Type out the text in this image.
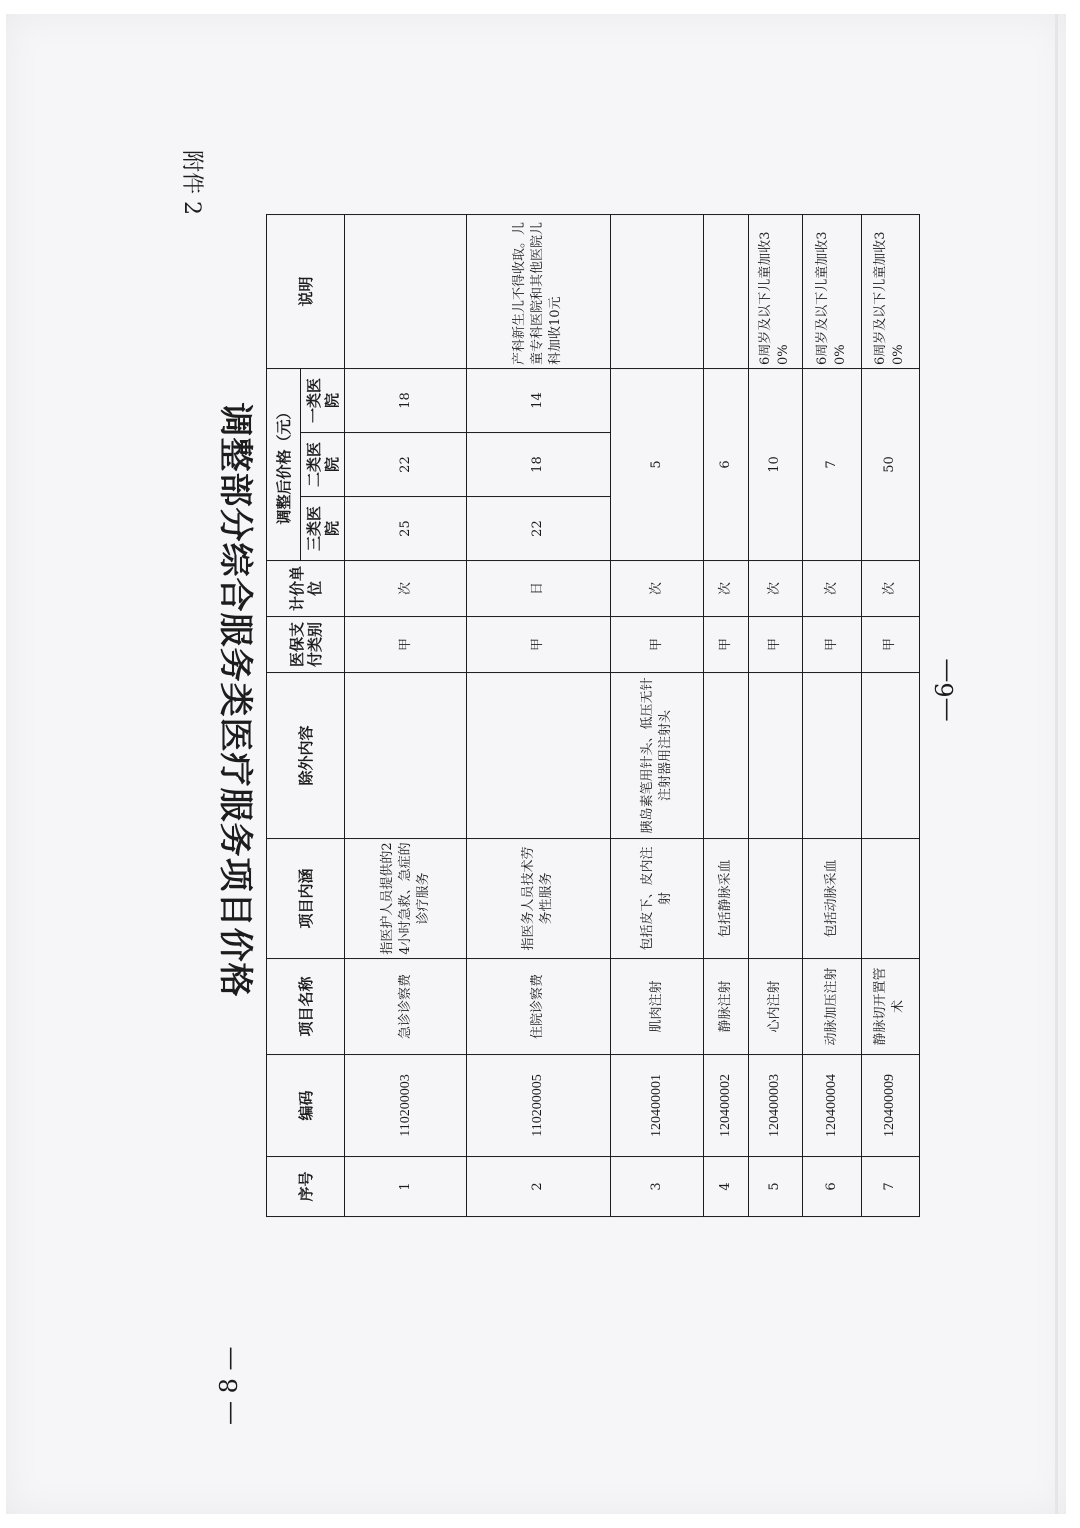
— 8 —
—6—
序号	编码	项目名称	项目内涵	除外内容	医保支付类别	计价单位	调整后价格（元）			说明
							三类医院	二类医院	一类医院	
1	110200003	急诊诊察费	指医护人员提供的24小时急救、急症的诊疗服务		甲	次	25	22	18	
2	110200005	住院诊察费	指医务人员技术劳务性服务		甲	日	22	18	14	产科新生儿不得收取。儿童专科医院和其他医院儿科加收10元
3	120400001	肌肉注射	包括皮下、皮内注射	胰岛素笔用针头、低压无针注射器用注射头	甲	次	5			
4	120400002	静脉注射	包括静脉采血		甲	次	6			
5	120400003	心内注射			甲	次	10			6周岁及以下儿童加收30%
6	120400004	动脉加压注射	包括动脉采血		甲	次	7			6周岁及以下儿童加收30%
7	120400009	静脉切开置管术			甲	次	50			6周岁及以下儿童加收30%
调整部分综合服务类医疗服务项目价格
附件 2
